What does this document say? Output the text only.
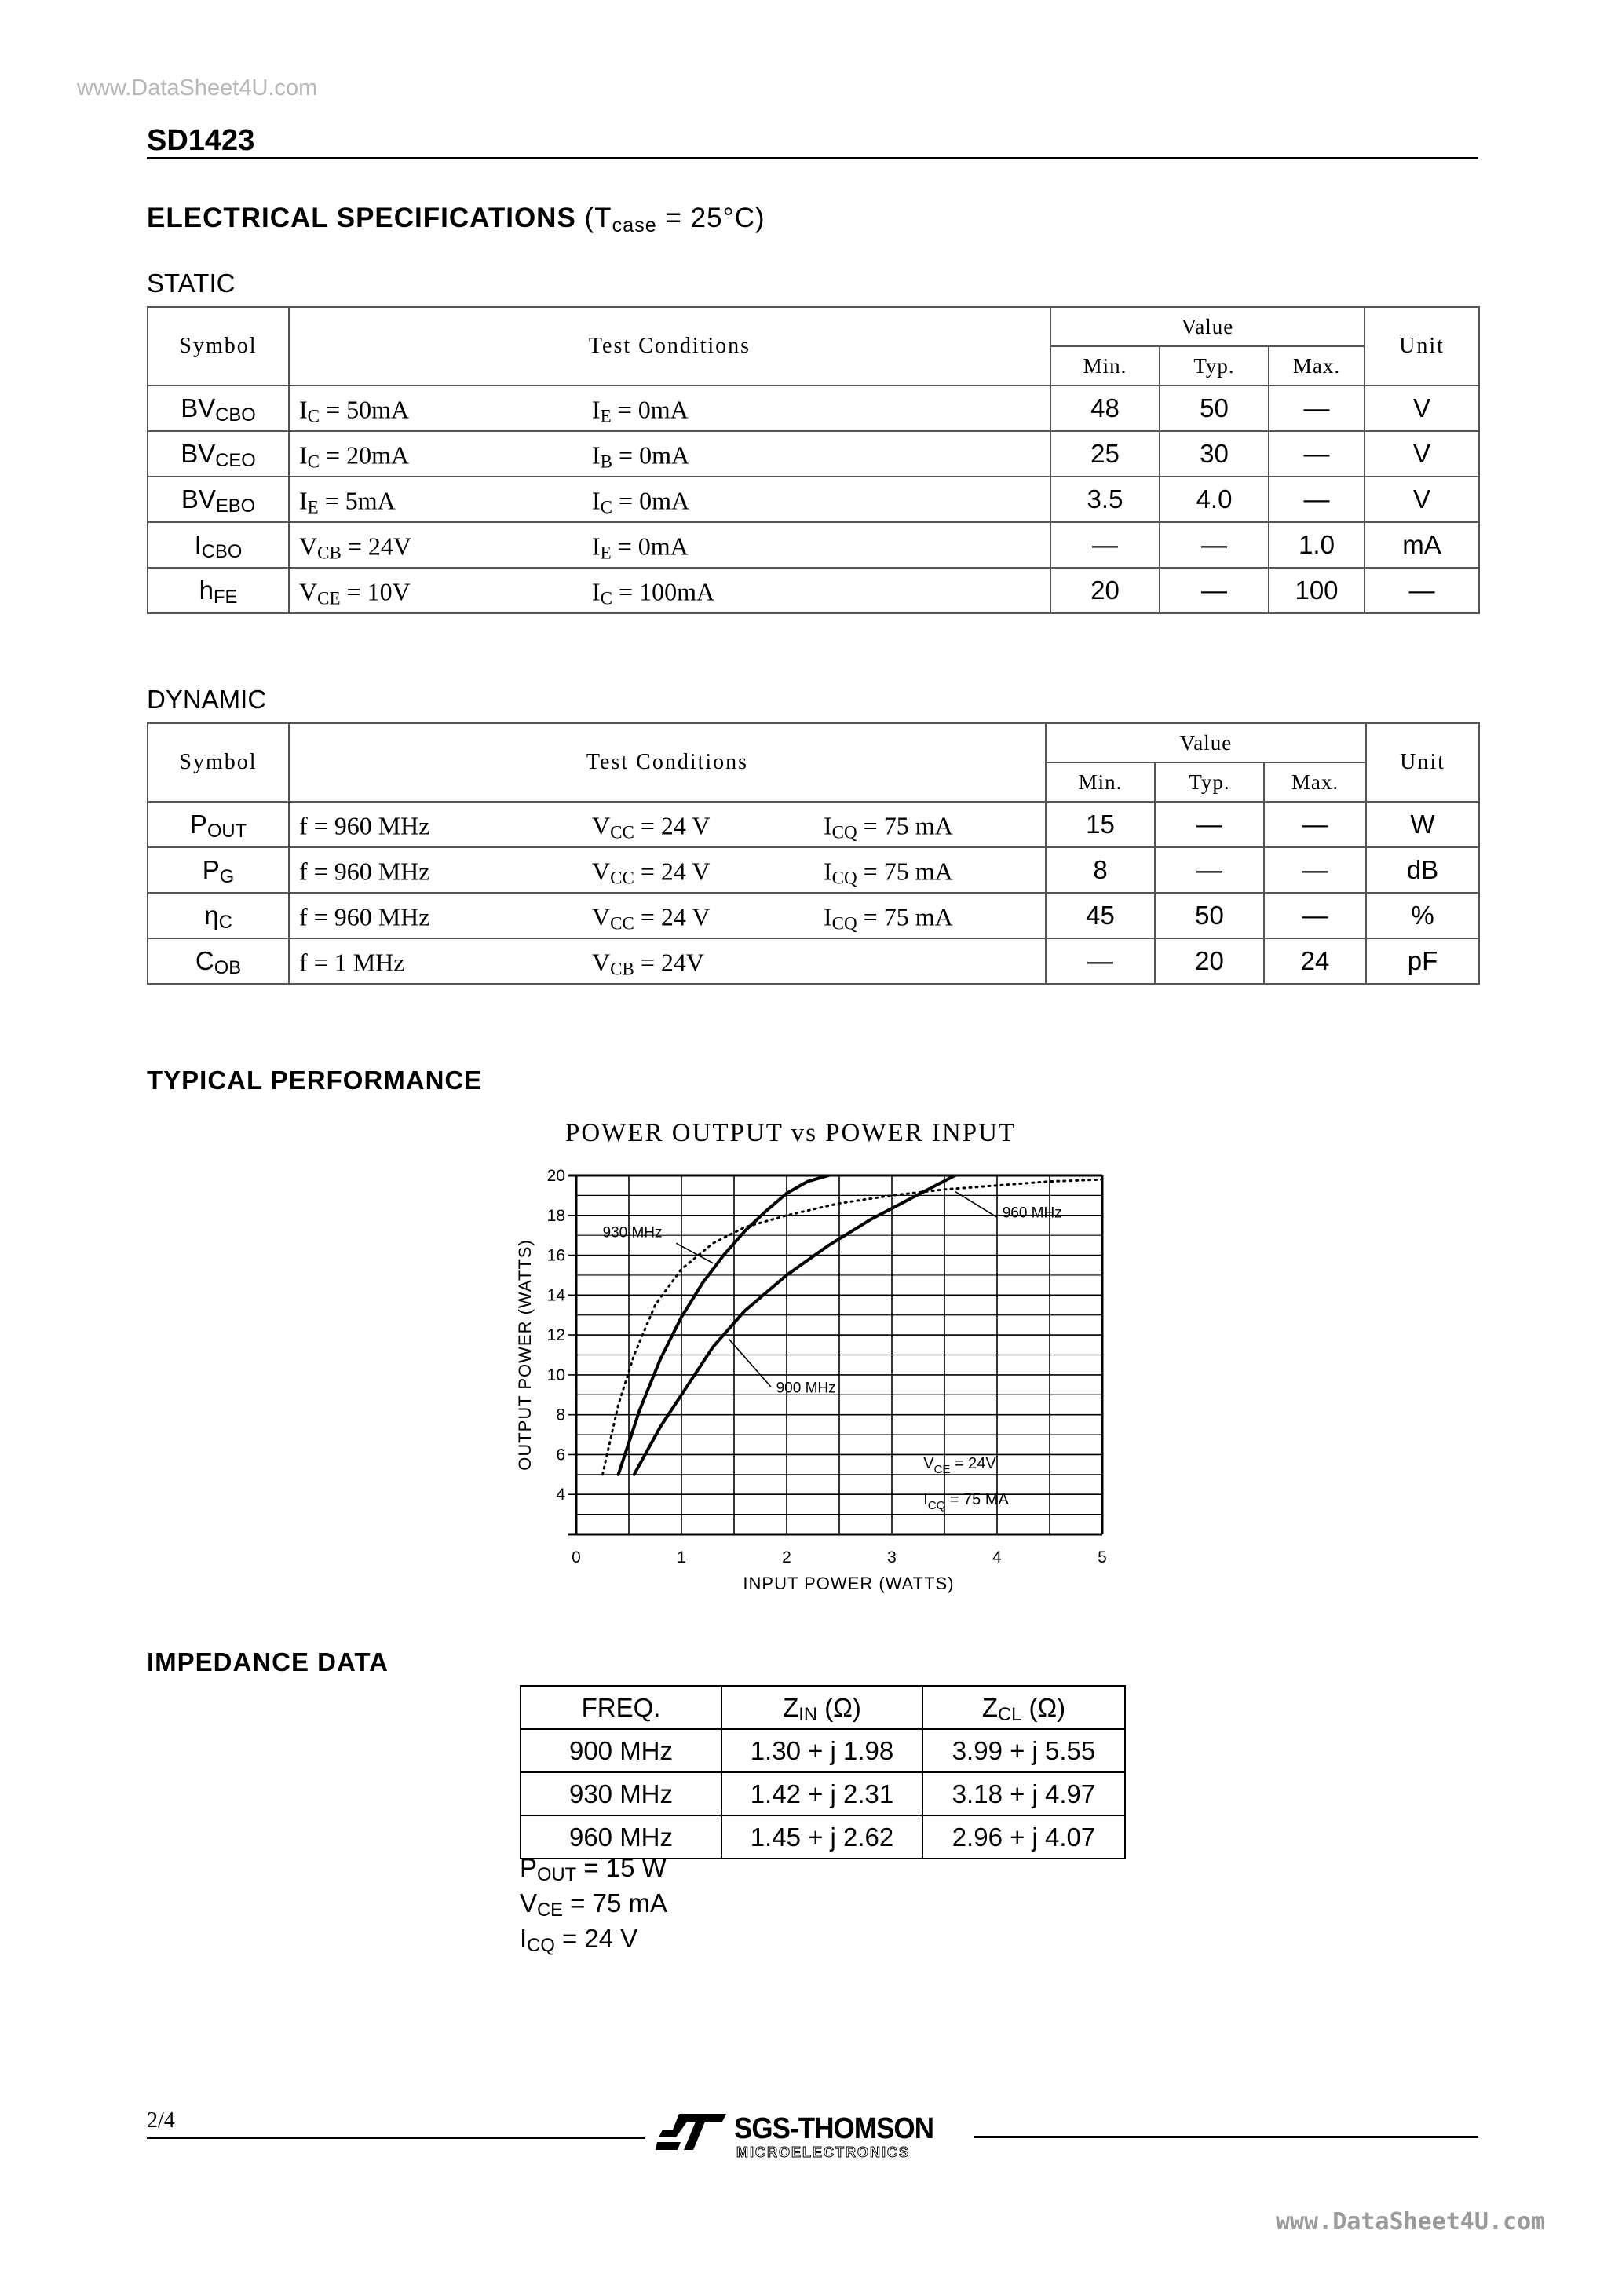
www.DataSheet4U.com
SD1423
ELECTRICAL SPECIFICATIONS (Tcase = 25°C)
STATIC
Symbol	Test Conditions	Value			Unit
		Min.	Typ.	Max.	
BVCBO	IC = 50mA IE = 0mA	48	50	—	V
BVCEO	IC = 20mA IB = 0mA	25	30	—	V
BVEBO	IE = 5mA IC = 0mA	3.5	4.0	—	V
ICBO	VCB = 24V IE = 0mA	—	—	1.0	mA
hFE	VCE = 10V IC = 100mA	20	—	100	—
DYNAMIC
Symbol	Test Conditions	Value			Unit
		Min.	Typ.	Max.	
POUT	f = 960 MHz VCC = 24 V ICQ = 75 mA	15	—	—	W
PG	f = 960 MHz VCC = 24 V ICQ = 75 mA	8	—	—	dB
ηC	f = 960 MHz VCC = 24 V ICQ = 75 mA	45	50	—	%
COB	f = 1 MHz VCB = 24V	—	20	24	pF
TYPICAL PERFORMANCE
POWER OUTPUT vs POWER INPUT
0	1	2	3	4	5
4
6
8
10
12
14
16
18
20
INPUT POWER (WATTS)
OUTPUT POWER (WATTS)
930 MHz
960 MHz
900 MHz
$V_{CE} = 24V$
$I_{CQ} = 75$ MA
IMPEDANCE DATA
FREQ.	ZIN (Ω)	ZCL (Ω)
900 MHz	1.30 + j 1.98	3.99 + j 5.55
930 MHz	1.42 + j 2.31	3.18 + j 4.97
960 MHz	1.45 + j 2.62	2.96 + j 4.07
POUT = 15 W
VCE = 75 mA
ICQ = 24 V
2/4	SGS-THOMSON
MICROELECTRONICS
www.DataSheet4U.com
